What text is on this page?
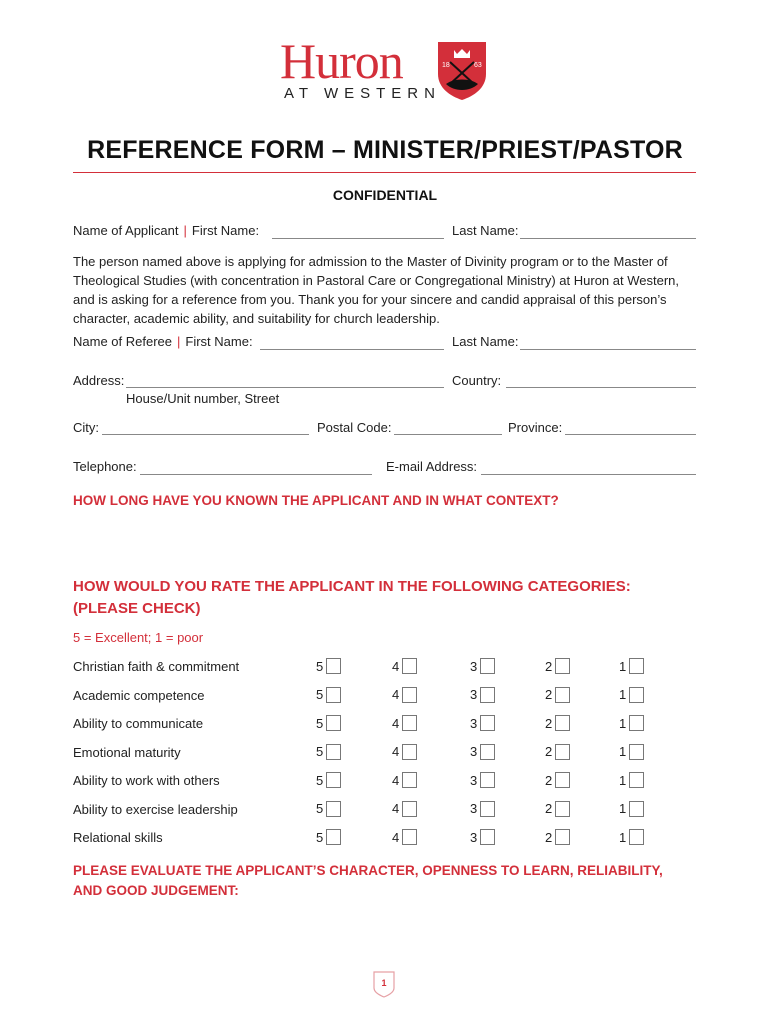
Huron
AT WESTERN
18	63
REFERENCE FORM – MINISTER/PRIEST/PASTOR
CONFIDENTIAL
Name of Applicant | First Name:	Last Name:
The person named above is applying for admission to the Master of Divinity program or to the Master of Theological Studies (with concentration in Pastoral Care or Congregational Ministry) at Huron at Western, and is asking for a reference from you. Thank you for your sincere and candid appraisal of this person’s character, academic ability, and suitability for church leadership.
Name of Referee | First Name:	Last Name:
Address:	Country:
House/Unit number, Street
City:	Postal Code:	Province:
Telephone:	E-mail Address:
HOW LONG HAVE YOU KNOWN THE APPLICANT AND IN WHAT CONTEXT?
HOW WOULD YOU RATE THE APPLICANT IN THE FOLLOWING CATEGORIES:
(PLEASE CHECK)
5 = Excellent; 1 = poor
Christian faith & commitment	5	4	3	2	1
Academic competence	5	4	3	2	1
Ability to communicate	5	4	3	2	1
Emotional maturity	5	4	3	2	1
Ability to work with others	5	4	3	2	1
Ability to exercise leadership	5	4	3	2	1
Relational skills	5	4	3	2	1
PLEASE EVALUATE THE APPLICANT’S CHARACTER, OPENNESS TO LEARN, RELIABILITY,
AND GOOD JUDGEMENT:
1
